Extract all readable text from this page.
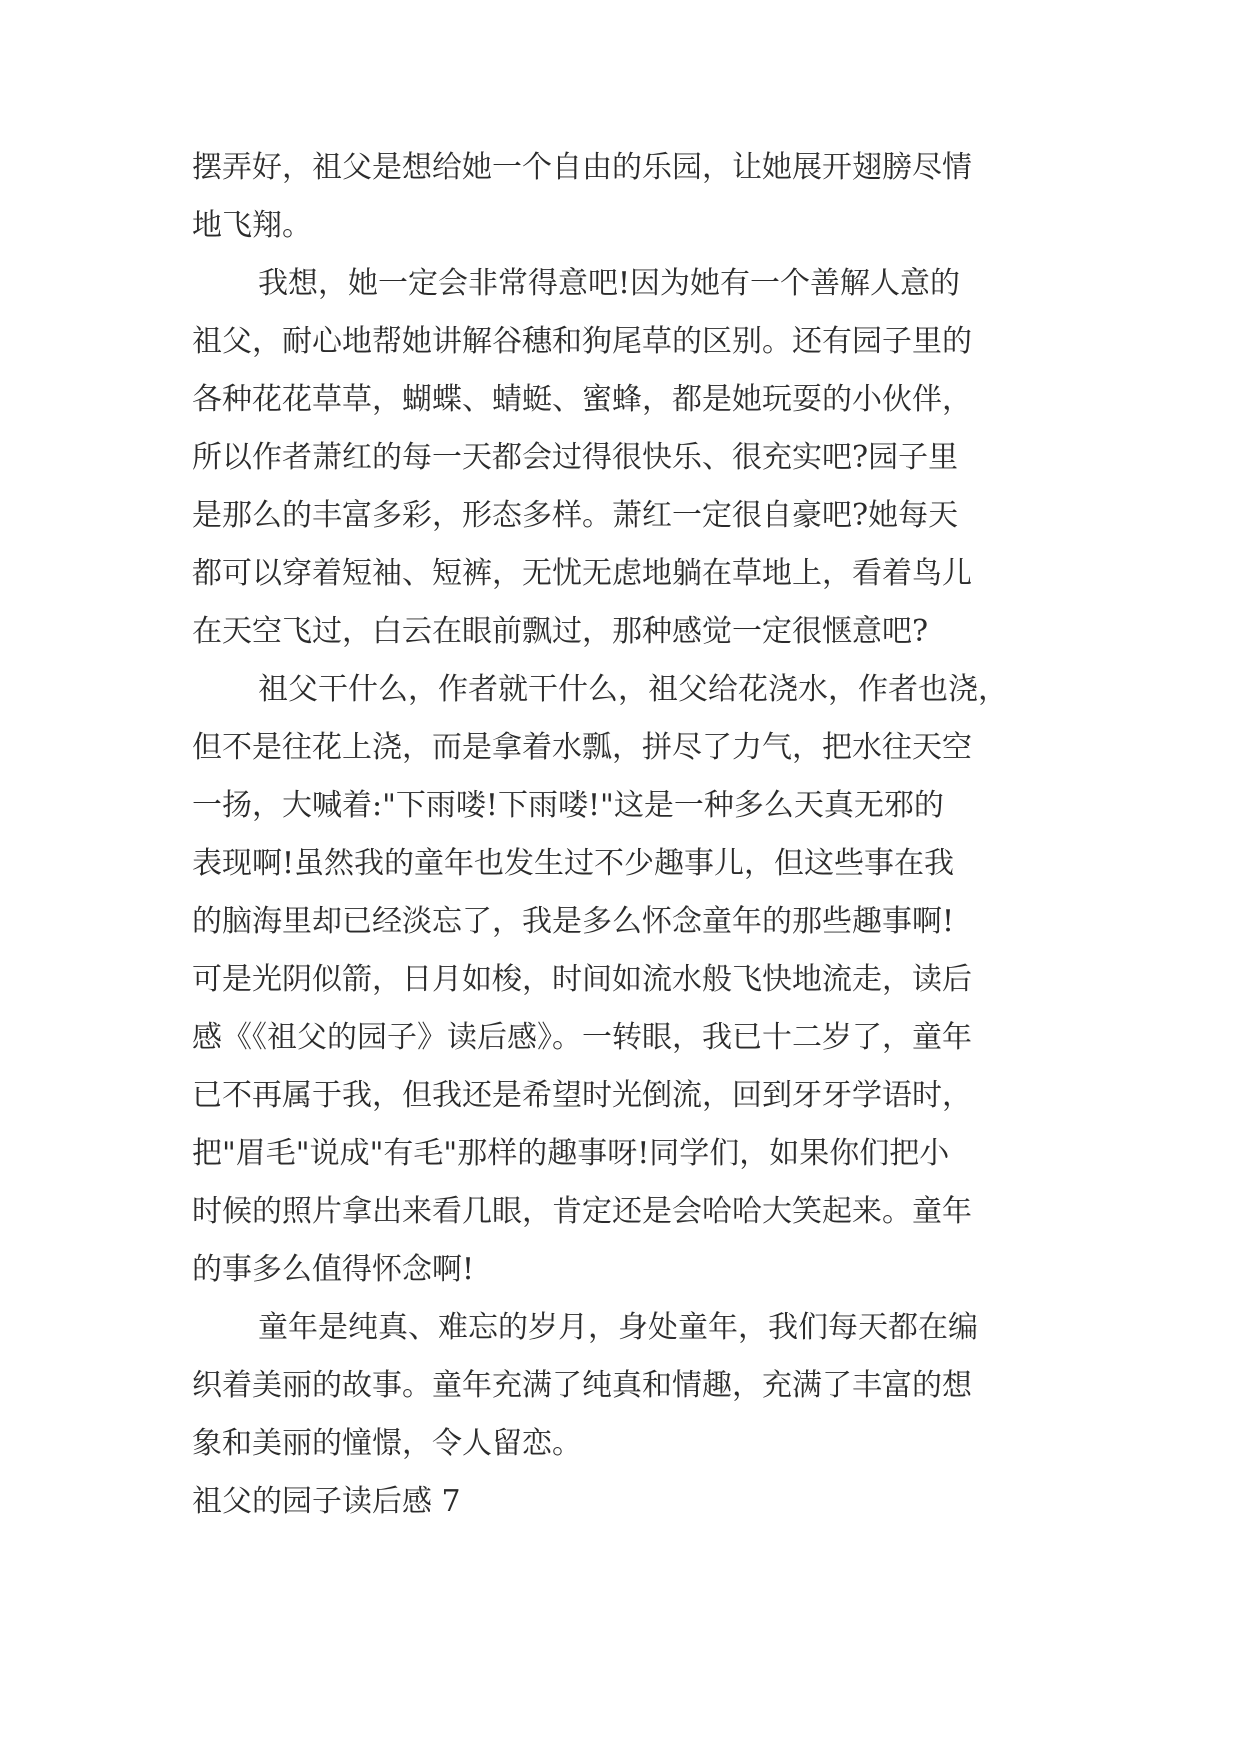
摆弄好，祖父是想给她一个自由的乐园，让她展开翅膀尽情
地飞翔。
我想，她一定会非常得意吧!因为她有一个善解人意的
祖父，耐心地帮她讲解谷穗和狗尾草的区别。还有园子里的
各种花花草草，蝴蝶、蜻蜓、蜜蜂，都是她玩耍的小伙伴，
所以作者萧红的每一天都会过得很快乐、很充实吧?园子里
是那么的丰富多彩，形态多样。萧红一定很自豪吧?她每天
都可以穿着短袖、短裤，无忧无虑地躺在草地上，看着鸟儿
在天空飞过，白云在眼前飘过，那种感觉一定很惬意吧?
祖父干什么，作者就干什么，祖父给花浇水，作者也浇，
但不是往花上浇，而是拿着水瓢，拼尽了力气，把水往天空
一扬，大喊着:"下雨喽!下雨喽!"这是一种多么天真无邪的
表现啊!虽然我的童年也发生过不少趣事儿，但这些事在我
的脑海里却已经淡忘了，我是多么怀念童年的那些趣事啊!
可是光阴似箭，日月如梭，时间如流水般飞快地流走，读后
感《《祖父的园子》读后感》。一转眼，我已十二岁了，童年
已不再属于我，但我还是希望时光倒流，回到牙牙学语时，
把"眉毛"说成"有毛"那样的趣事呀!同学们，如果你们把小
时候的照片拿出来看几眼，肯定还是会哈哈大笑起来。童年
的事多么值得怀念啊!
童年是纯真、难忘的岁月，身处童年，我们每天都在编
织着美丽的故事。童年充满了纯真和情趣，充满了丰富的想
象和美丽的憧憬，令人留恋。
祖父的园子读后感 7
